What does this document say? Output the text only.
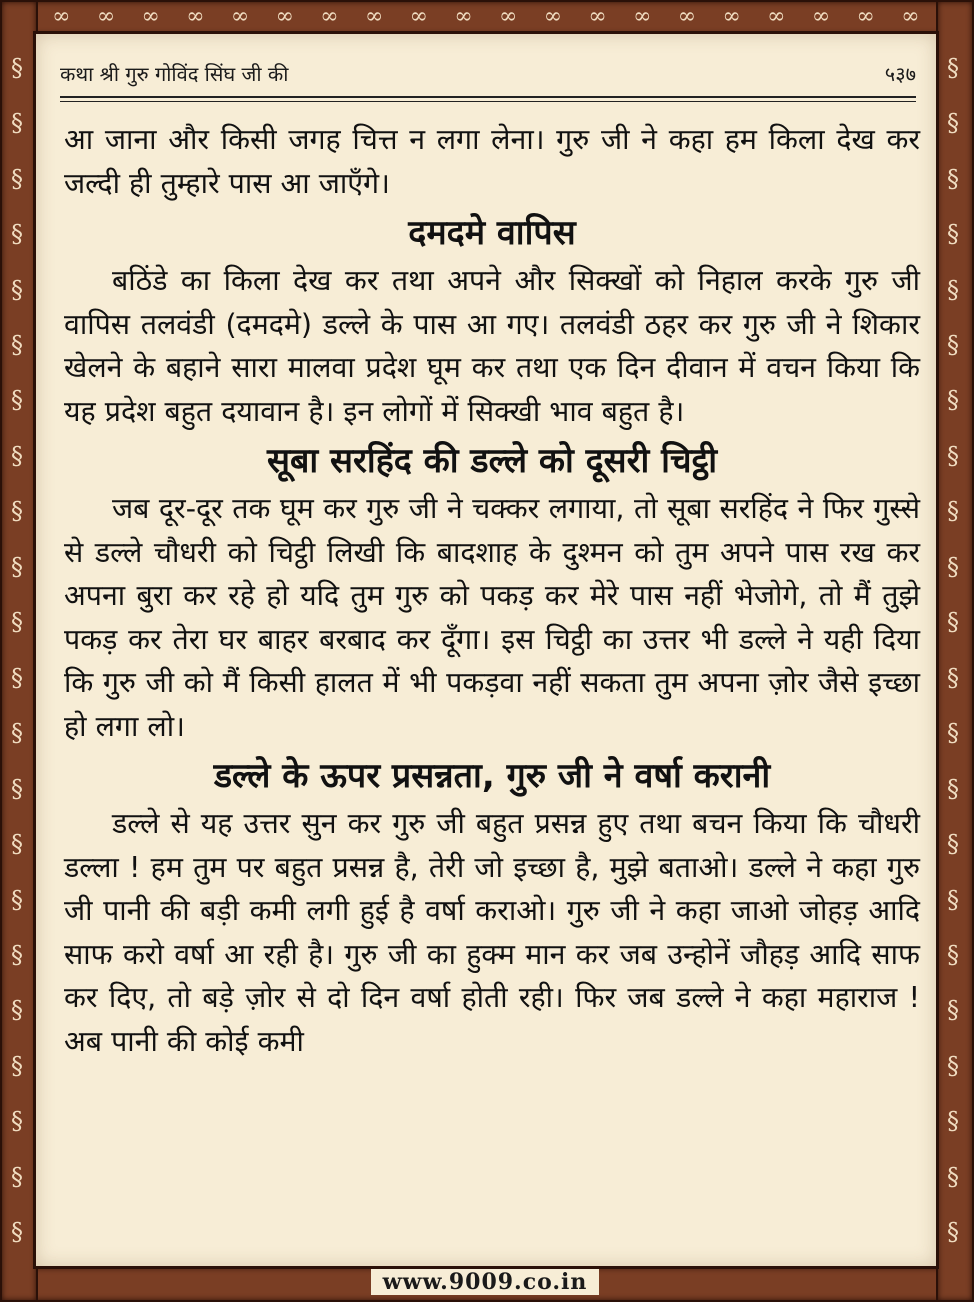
∞ ∞ ∞ ∞ ∞ ∞ ∞ ∞ ∞ ∞ ∞ ∞ ∞ ∞ ∞ ∞ ∞ ∞ ∞ ∞
§
§
§
§
§
§
§
§
§
§
§
§
§
§
§
§
§
§
§
§
§
§
§
§
§
§
§
§
§
§
§
§
§
§
§
§
§
§
§
§
§
§
§
§
कथा श्री गुरु गोविंद सिंघ जी की	५३७

आ जाना और किसी जगह चित्त न लगा लेना। गुरु जी ने कहा हम किला देख कर जल्दी ही तुम्हारे पास आ जाएँगे।

दमदमे वापिस

बठिंडे का किला देख कर तथा अपने और सिक्खों को निहाल करके गुरु जी वापिस तलवंडी (दमदमे) डल्ले के पास आ गए। तलवंडी ठहर कर गुरु जी ने शिकार खेलने के बहाने सारा मालवा प्रदेश घूम कर तथा एक दिन दीवान में वचन किया कि यह प्रदेश बहुत दयावान है। इन लोगों में सिक्खी भाव बहुत है।

सूबा सरहिंद की डल्ले को दूसरी चिट्ठी

जब दूर-दूर तक घूम कर गुरु जी ने चक्कर लगाया, तो सूबा सरहिंद ने फिर गुस्से से डल्ले चौधरी को चिट्ठी लिखी कि बादशाह के दुश्मन को तुम अपने पास रख कर अपना बुरा कर रहे हो यदि तुम गुरु को पकड़ कर मेरे पास नहीं भेजोगे, तो मैं तुझे पकड़ कर तेरा घर बाहर बरबाद कर दूँगा। इस चिट्ठी का उत्तर भी डल्ले ने यही दिया कि गुरु जी को मैं किसी हालत में भी पकड़वा नहीं सकता तुम अपना ज़ोर जैसे इच्छा हो लगा लो।

डल्ले के ऊपर प्रसन्नता, गुरु जी ने वर्षा करानी

डल्ले से यह उत्तर सुन कर गुरु जी बहुत प्रसन्न हुए तथा बचन किया कि चौधरी डल्ला ! हम तुम पर बहुत प्रसन्न है, तेरी जो इच्छा है, मुझे बताओ। डल्ले ने कहा गुरु जी पानी की बड़ी कमी लगी हुई है वर्षा कराओ। गुरु जी ने कहा जाओ जोहड़ आदि साफ करो वर्षा आ रही है। गुरु जी का हुक्म मान कर जब उन्होनें जौहड़ आदि साफ कर दिए, तो बड़े ज़ोर से दो दिन वर्षा होती रही। फिर जब डल्ले ने कहा महाराज ! अब पानी की कोई कमी

www.9009.co.in
